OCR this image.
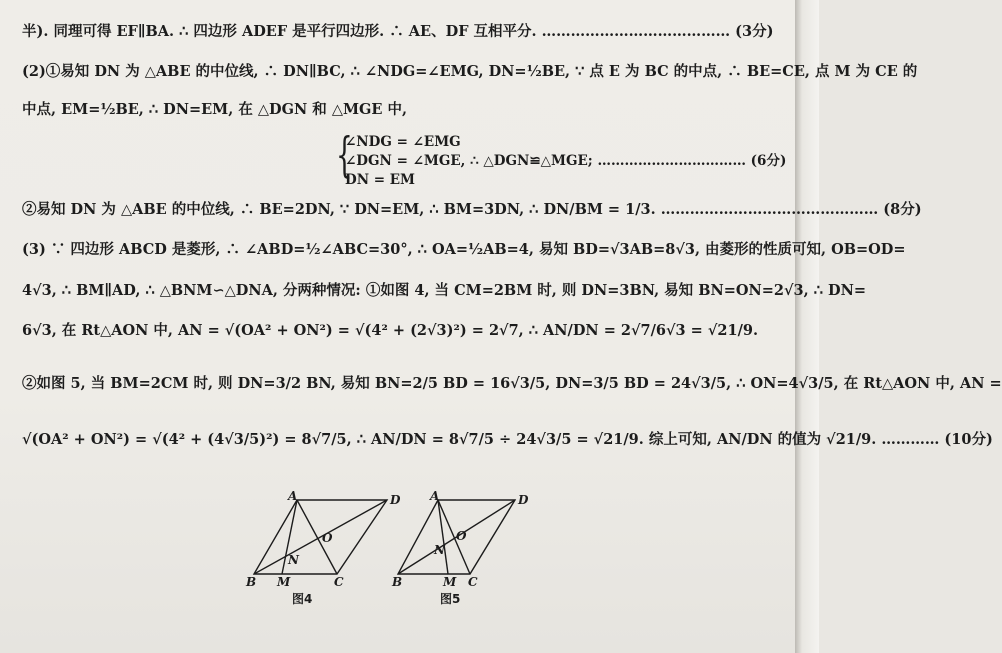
半). 同理可得 EF∥BA. ∴ 四边形 ADEF 是平行四边形. ∴ AE、DF 互相平分. ………………………………… (3分)
(2)①易知 DN 为 △ABE 的中位线, ∴ DN∥BC, ∴ ∠NDG=∠EMG, DN=½BE, ∵ 点 E 为 BC 的中点, ∴ BE=CE, 点 M 为 CE 的
中点, EM=½BE, ∴ DN=EM, 在 △DGN 和 △MGE 中,
{
∠NDG = ∠EMG
∠DGN = ∠MGE, ∴ △DGN≌△MGE; …………………………… (6分)
DN = EM
②易知 DN 为 △ABE 的中位线, ∴ BE=2DN, ∵ DN=EM, ∴ BM=3DN, ∴ DN/BM = 1/3. ……………………………………… (8分)
(3) ∵ 四边形 ABCD 是菱形, ∴ ∠ABD=½∠ABC=30°, ∴ OA=½AB=4, 易知 BD=√3AB=8√3, 由菱形的性质可知, OB=OD=
4√3, ∴ BM∥AD, ∴ △BNM∽△DNA, 分两种情况: ①如图 4, 当 CM=2BM 时, 则 DN=3BN, 易知 BN=ON=2√3, ∴ DN=
6√3, 在 Rt△AON 中, AN = √(OA² + ON²) = √(4² + (2√3)²) = 2√7, ∴ AN/DN = 2√7/6√3 = √21/9.
②如图 5, 当 BM=2CM 时, 则 DN=3/2 BN, 易知 BN=2/5 BD = 16√3/5, DN=3/5 BD = 24√3/5, ∴ ON=4√3/5, 在 Rt△AON 中, AN =
√(OA² + ON²) = √(4² + (4√3/5)²) = 8√7/5, ∴ AN/DN = 8√7/5 ÷ 24√3/5 = √21/9. 综上可知, AN/DN 的值为 √21/9. ………… (10分)
A	D
B M	C
N
O
图4
A	D
B	M C
N
O
图5
